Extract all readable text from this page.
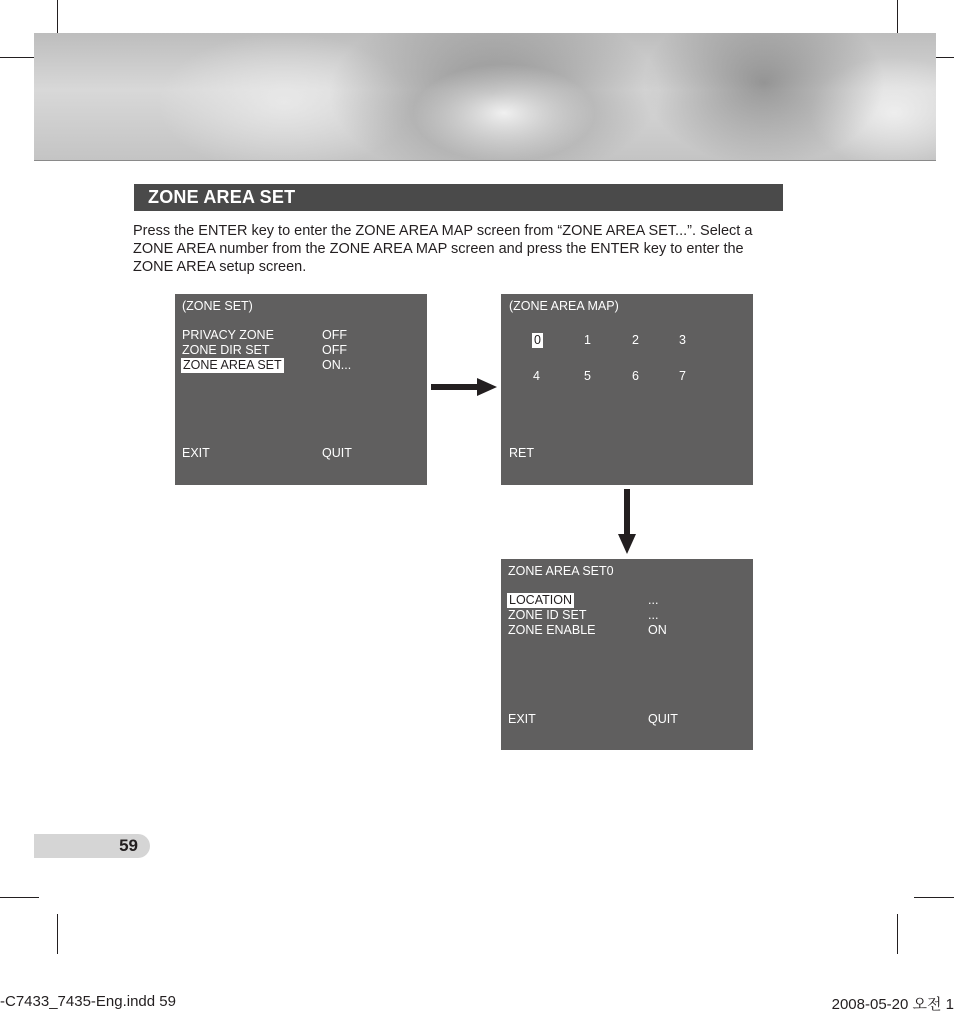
ZONE AREA SET
Press the ENTER key to enter the ZONE AREA MAP screen from “ZONE AREA SET...”. Select a ZONE AREA number from the ZONE AREA MAP screen and press the ENTER key to enter the ZONE AREA setup screen.
(ZONE SET)
PRIVACY ZONE	OFF
ZONE DIR SET	OFF
ZONE AREA SET	ON...
EXIT	QUIT
(ZONE AREA MAP)
0	1	2	3
4	5	6	7
RET
ZONE AREA SET0
LOCATION	...
ZONE ID SET	...
ZONE ENABLE	ON
EXIT	QUIT
59
-C7433_7435-Eng.indd 59	2008-05-20 오전 1
